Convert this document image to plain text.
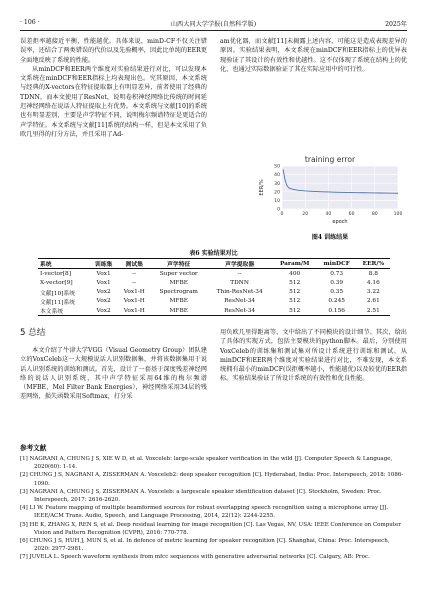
· 106 ·	山西大同大学学报(自然科学版)	2025年

误差拒率越接近平衡，性能越优。具体来说，minD-CF不仅关注错误率，还结合了两类错误的代价以及先验概率，因此比单纯的EER更全面地反映了系统的性能。

从minDCF和EER两个维度对实验结果进行对比，可以发现本文系统在minDCF和EER指标上均表现出色。究其原因，本文系统与经典的X-vectors在特征提取器上有明显差异，前者使用了经典的TDNN，而本文使用了ResNet，说明卷积神经网络比传统的时间延迟神经网络在说话人特征提取上有优势。本文系统与文献[10]的系统也有明显差别，主要是声学特征不同，说明梅尔频谱特征是更适合的声学特征。本文系统与文献[11]系统的结构一样，但是本文采用了负欧几里得的打分方法，并且采用了Ad-

am优化器，而文献[11]未揭露上述内容，可能这是造成表现差异的原因。实验结果表明，本文系统在minDCF和EER指标上的优异表现验证了其设计的有效性和优越性。这不仅体现了系统在结构上的优化，也通过实际数据验证了其在实际应用中的可行性。

training error
0
10
20
30
40
50
0	20	40	60	80	100
epoch
EER/%
图4 训练结果
表6 实验结果对比
系统	训练集	测试集	声学特征	声学提取器	Param/M	minDCF	EER/%
I-vector[8]	Vox1	--	Super vector	--	400	0.73	8.8
X-vector[9]	Vox1	--	MFBE	TDNN	512	0.39	4.16
文献[10]系统	Vox2	Vox1-H	Spectrogram	Thin-ResNet-34	512	0.35	3.22
文献[11]系统	Vox2	Vox1-H	MFBE	ResNet-34	512	0.245	2.61
本文系统	Vox2	Vox1-H	MFBE	ResNet-34	512	0.156	2.51
5 总结

本文介绍了牛津大学VGG（Visual Geometry Group）团队建立的VoxCeleb这一大规模说话人识别数据集，并将该数据集用于说话人识别系统的训练和测试。首先，设计了一套基于深度残差神经网络的说话人识别系统，其中声学特征采用64维的梅尔频谱（MFBE，Mel Filter Bank Energies），神经网络采用34层的残差网络，损失函数采用Softmax，打分采

用负欧几里得距离等，文中给出了不同模块的设计细节。其次，给出了具体的实现方式，包括主要模块的python脚本。最后，分别使用VoxCeleb的训练集和测试集对所设计系统进行训练和测试。从minDCF和EER两个维度对实验结果进行对比，不难发现，本文系统拥有最小的minDCF(误拒概率越小，性能越优)以及较优的EER指标。实验结果验证了所设计系统的有效性和优良性能。

参考文献
[1] NAGRANI A, CHUNG J S, XIE W D, et al. Voxceleb: large-scale speaker verification in the wild [J]. Computer Speech & Language, 2020(60): 1-14.
[2] CHUNG J S, NAGRANI A, ZISSERMAN A. Voxceleb2: deep speaker recognition [C]. Hyderabad, India: Proc. Interspeech, 2018: 1086-1090.
[3] NAGRANI A, CHUNG J S, ZISSERMAN A. Voxceleb: a largescale speaker identification dataset [C]. Stockholm, Sweden: Proc. Interspeech, 2017: 2616-2620.
[4] LI W. Feature mapping of multiple beamformed sources for robust overlapping speech recognition using a microphone array [J]. IEEE/ACM Trans. Audio, Speech, and Language Processing, 2014, 22(12): 2244-2255.
[5] HE K, ZHANG X, REN S, et al. Deep residual learning for image recognition [C]. Las Vegas, NV, USA: IEEE Conference on Computer Vision and Pattern Recognition (CVPR), 2016: 770-778.
[6] CHUNG J S, HUH J, MUN S, et al. In defence of metric learning for speaker recognition [C]. Shanghai, China: Proc. Interspeech, 2020: 2977-2981.
[7] JUVELA L. Speech waveform synthesis from mfcc sequences with generative adversarial networks [C]. Calgary, AB: Proc.
